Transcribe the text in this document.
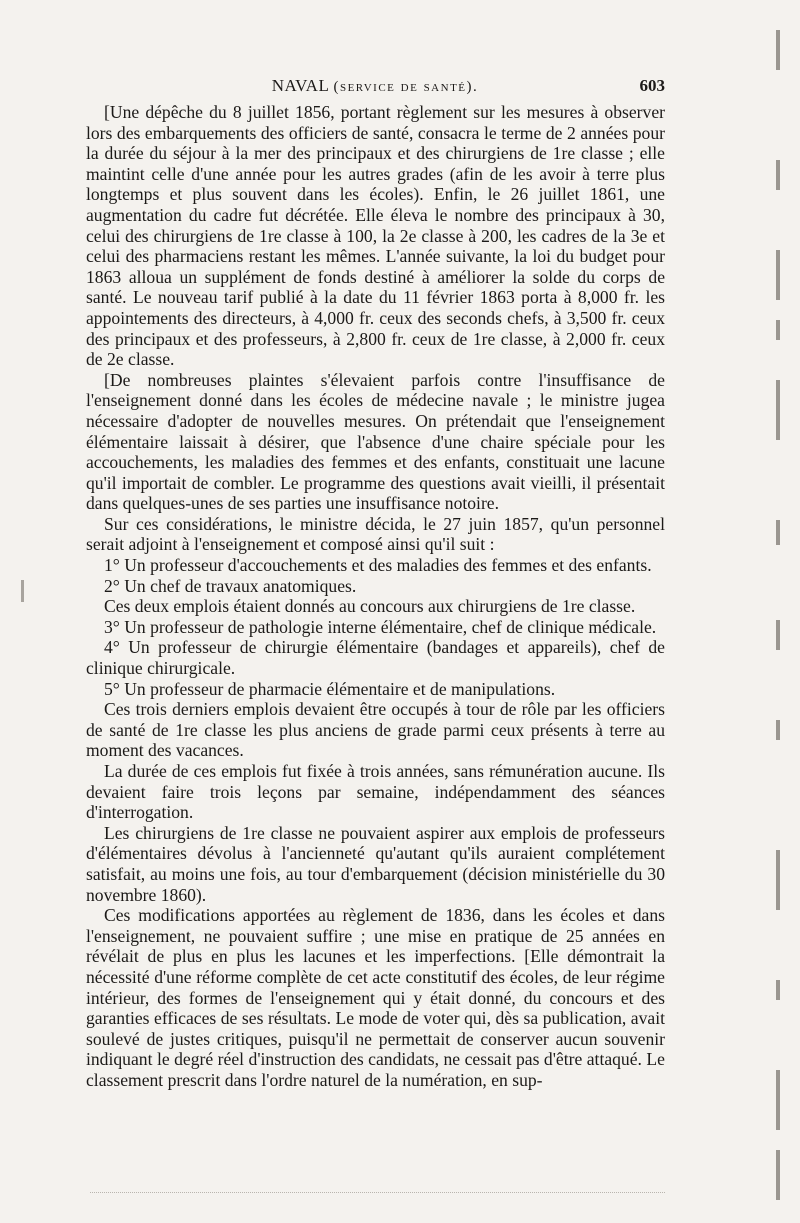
NAVAL (service de santé).	603

[Une dépêche du 8 juillet 1856, portant règlement sur les mesures à observer lors des embarquements des officiers de santé, consacra le terme de 2 années pour la durée du séjour à la mer des principaux et des chirurgiens de 1re classe ; elle maintint celle d'une année pour les autres grades (afin de les avoir à terre plus longtemps et plus souvent dans les écoles). Enfin, le 26 juillet 1861, une augmentation du cadre fut décrétée. Elle éleva le nombre des principaux à 30, celui des chirurgiens de 1re classe à 100, la 2e classe à 200, les cadres de la 3e et celui des pharmaciens restant les mêmes. L'année suivante, la loi du budget pour 1863 alloua un supplément de fonds destiné à améliorer la solde du corps de santé. Le nouveau tarif publié à la date du 11 février 1863 porta à 8,000 fr. les appointements des directeurs, à 4,000 fr. ceux des seconds chefs, à 3,500 fr. ceux des principaux et des professeurs, à 2,800 fr. ceux de 1re classe, à 2,000 fr. ceux de 2e classe.

[De nombreuses plaintes s'élevaient parfois contre l'insuffisance de l'enseignement donné dans les écoles de médecine navale ; le ministre jugea nécessaire d'adopter de nouvelles mesures. On prétendait que l'enseignement élémentaire laissait à désirer, que l'absence d'une chaire spéciale pour les accouchements, les maladies des femmes et des enfants, constituait une lacune qu'il importait de combler. Le programme des questions avait vieilli, il présentait dans quelques-unes de ses parties une insuffisance notoire.

Sur ces considérations, le ministre décida, le 27 juin 1857, qu'un personnel serait adjoint à l'enseignement et composé ainsi qu'il suit :

1° Un professeur d'accouchements et des maladies des femmes et des enfants.

2° Un chef de travaux anatomiques.

Ces deux emplois étaient donnés au concours aux chirurgiens de 1re classe.

3° Un professeur de pathologie interne élémentaire, chef de clinique médicale.

4° Un professeur de chirurgie élémentaire (bandages et appareils), chef de clinique chirurgicale.

5° Un professeur de pharmacie élémentaire et de manipulations.

Ces trois derniers emplois devaient être occupés à tour de rôle par les officiers de santé de 1re classe les plus anciens de grade parmi ceux présents à terre au moment des vacances.

La durée de ces emplois fut fixée à trois années, sans rémunération aucune. Ils devaient faire trois leçons par semaine, indépendamment des séances d'interrogation.

Les chirurgiens de 1re classe ne pouvaient aspirer aux emplois de professeurs d'élémentaires dévolus à l'ancienneté qu'autant qu'ils auraient complétement satisfait, au moins une fois, au tour d'embarquement (décision ministérielle du 30 novembre 1860).

Ces modifications apportées au règlement de 1836, dans les écoles et dans l'enseignement, ne pouvaient suffire ; une mise en pratique de 25 années en révélait de plus en plus les lacunes et les imperfections. [Elle démontrait la nécessité d'une réforme complète de cet acte constitutif des écoles, de leur régime intérieur, des formes de l'enseignement qui y était donné, du concours et des garanties efficaces de ses résultats. Le mode de voter qui, dès sa publication, avait soulevé de justes critiques, puisqu'il ne permettait de conserver aucun souvenir indiquant le degré réel d'instruction des candidats, ne cessait pas d'être attaqué. Le classement prescrit dans l'ordre naturel de la numération, en sup-
